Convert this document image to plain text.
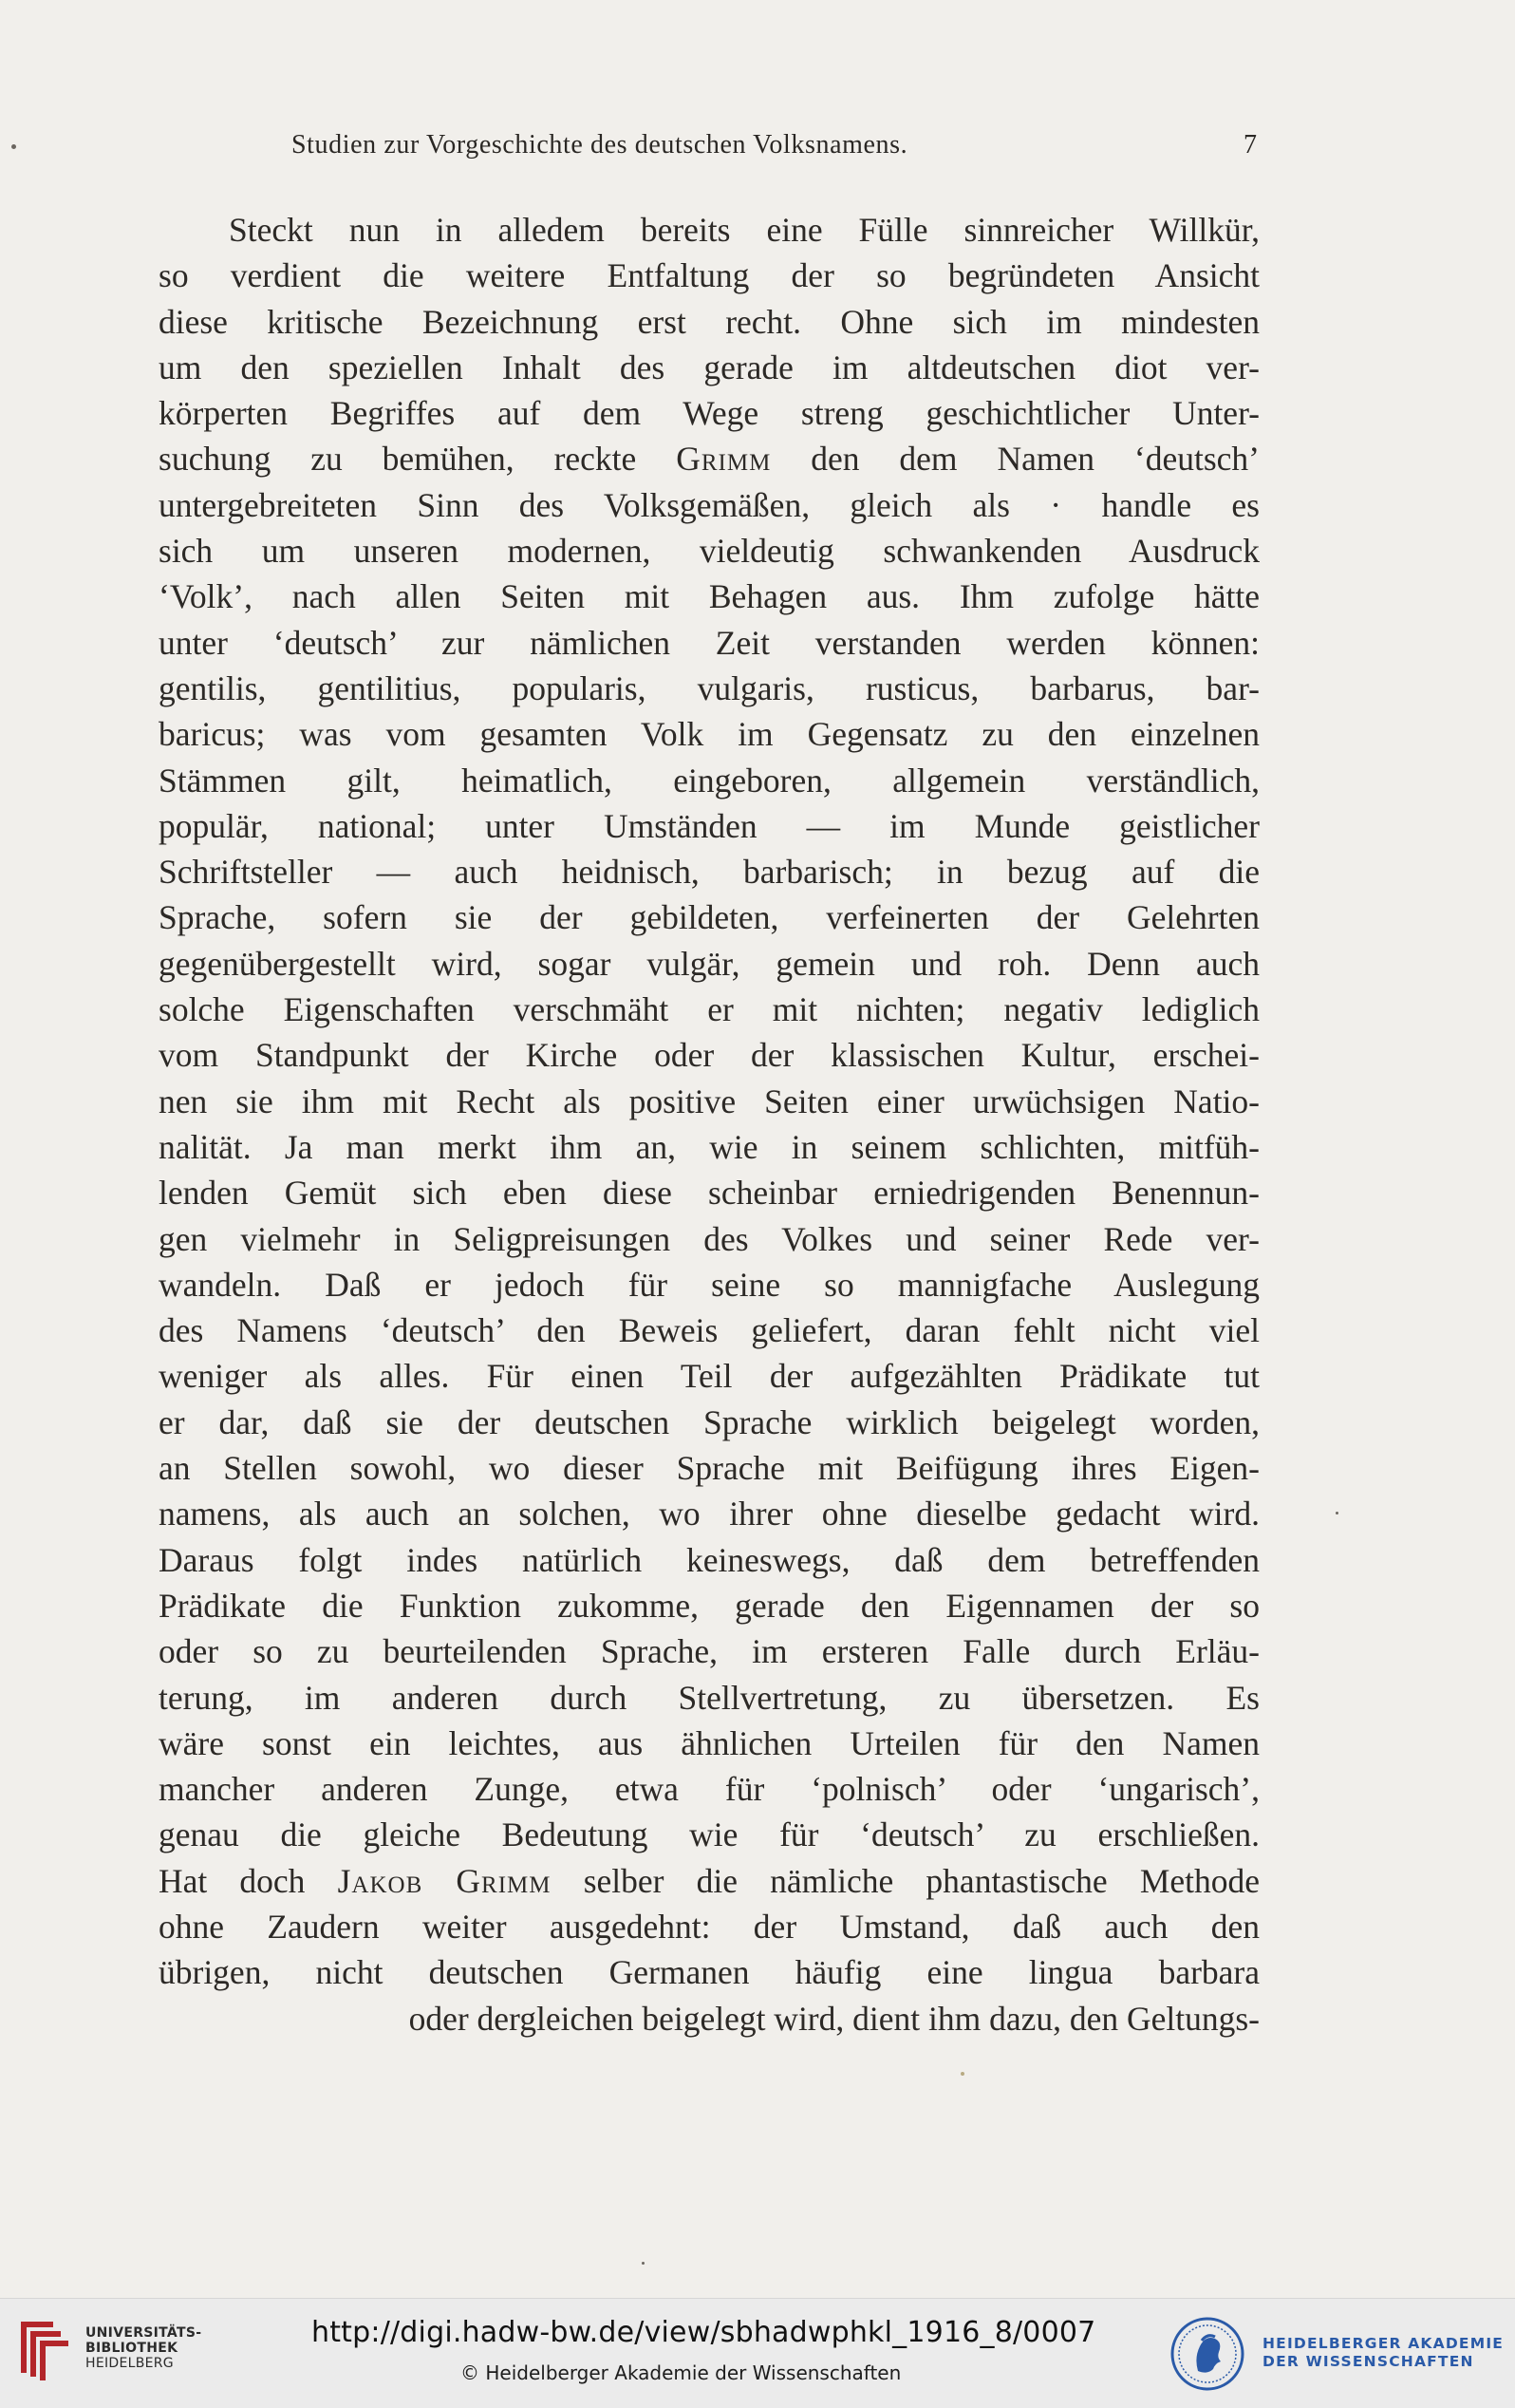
Studien zur Vorgeschichte des deutschen Volksnamens.	7
Steckt nun in alledem bereits eine Fülle sinnreicher Willkür,
so verdient die weitere Entfaltung der so begründeten Ansicht
diese kritische Bezeichnung erst recht. Ohne sich im mindesten
um den speziellen Inhalt des gerade im altdeutschen diot ver-
körperten Begriffes auf dem Wege streng geschichtlicher Unter-
suchung zu bemühen, reckte Grimm den dem Namen ‘deutsch’
untergebreiteten Sinn des Volksgemäßen, gleich als · handle es
sich um unseren modernen, vieldeutig schwankenden Ausdruck
‘Volk’, nach allen Seiten mit Behagen aus. Ihm zufolge hätte
unter ‘deutsch’ zur nämlichen Zeit verstanden werden können:
gentilis, gentilitius, popularis, vulgaris, rusticus, barbarus, bar-
baricus; was vom gesamten Volk im Gegensatz zu den einzelnen
Stämmen gilt, heimatlich, eingeboren, allgemein verständlich,
populär, national; unter Umständen — im Munde geistlicher
Schriftsteller — auch heidnisch, barbarisch; in bezug auf die
Sprache, sofern sie der gebildeten, verfeinerten der Gelehrten
gegenübergestellt wird, sogar vulgär, gemein und roh. Denn auch
solche Eigenschaften verschmäht er mit nichten; negativ lediglich
vom Standpunkt der Kirche oder der klassischen Kultur, erschei-
nen sie ihm mit Recht als positive Seiten einer urwüchsigen Natio-
nalität. Ja man merkt ihm an, wie in seinem schlichten, mitfüh-
lenden Gemüt sich eben diese scheinbar erniedrigenden Benennun-
gen vielmehr in Seligpreisungen des Volkes und seiner Rede ver-
wandeln. Daß er jedoch für seine so mannigfache Auslegung
des Namens ‘deutsch’ den Beweis geliefert, daran fehlt nicht viel
weniger als alles. Für einen Teil der aufgezählten Prädikate tut
er dar, daß sie der deutschen Sprache wirklich beigelegt worden,
an Stellen sowohl, wo dieser Sprache mit Beifügung ihres Eigen-
namens, als auch an solchen, wo ihrer ohne dieselbe gedacht wird.
Daraus folgt indes natürlich keineswegs, daß dem betreffenden
Prädikate die Funktion zukomme, gerade den Eigennamen der so
oder so zu beurteilenden Sprache, im ersteren Falle durch Erläu-
terung, im anderen durch Stellvertretung, zu übersetzen. Es
wäre sonst ein leichtes, aus ähnlichen Urteilen für den Namen
mancher anderen Zunge, etwa für ‘polnisch’ oder ‘ungarisch’,
genau die gleiche Bedeutung wie für ‘deutsch’ zu erschließen.
Hat doch Jakob Grimm selber die nämliche phantastische Methode
ohne Zaudern weiter ausgedehnt: der Umstand, daß auch den
übrigen, nicht deutschen Germanen häufig eine lingua barbara
oder dergleichen beigelegt wird, dient ihm dazu, den Geltungs-
UNIVERSITÄTS-
BIBLIOTHEK
HEIDELBERG
http://digi.hadw-bw.de/view/sbhadwphkl_1916_8/0007
© Heidelberger Akademie der Wissenschaften
HEIDELBERGER AKADEMIE
DER WISSENSCHAFTEN
